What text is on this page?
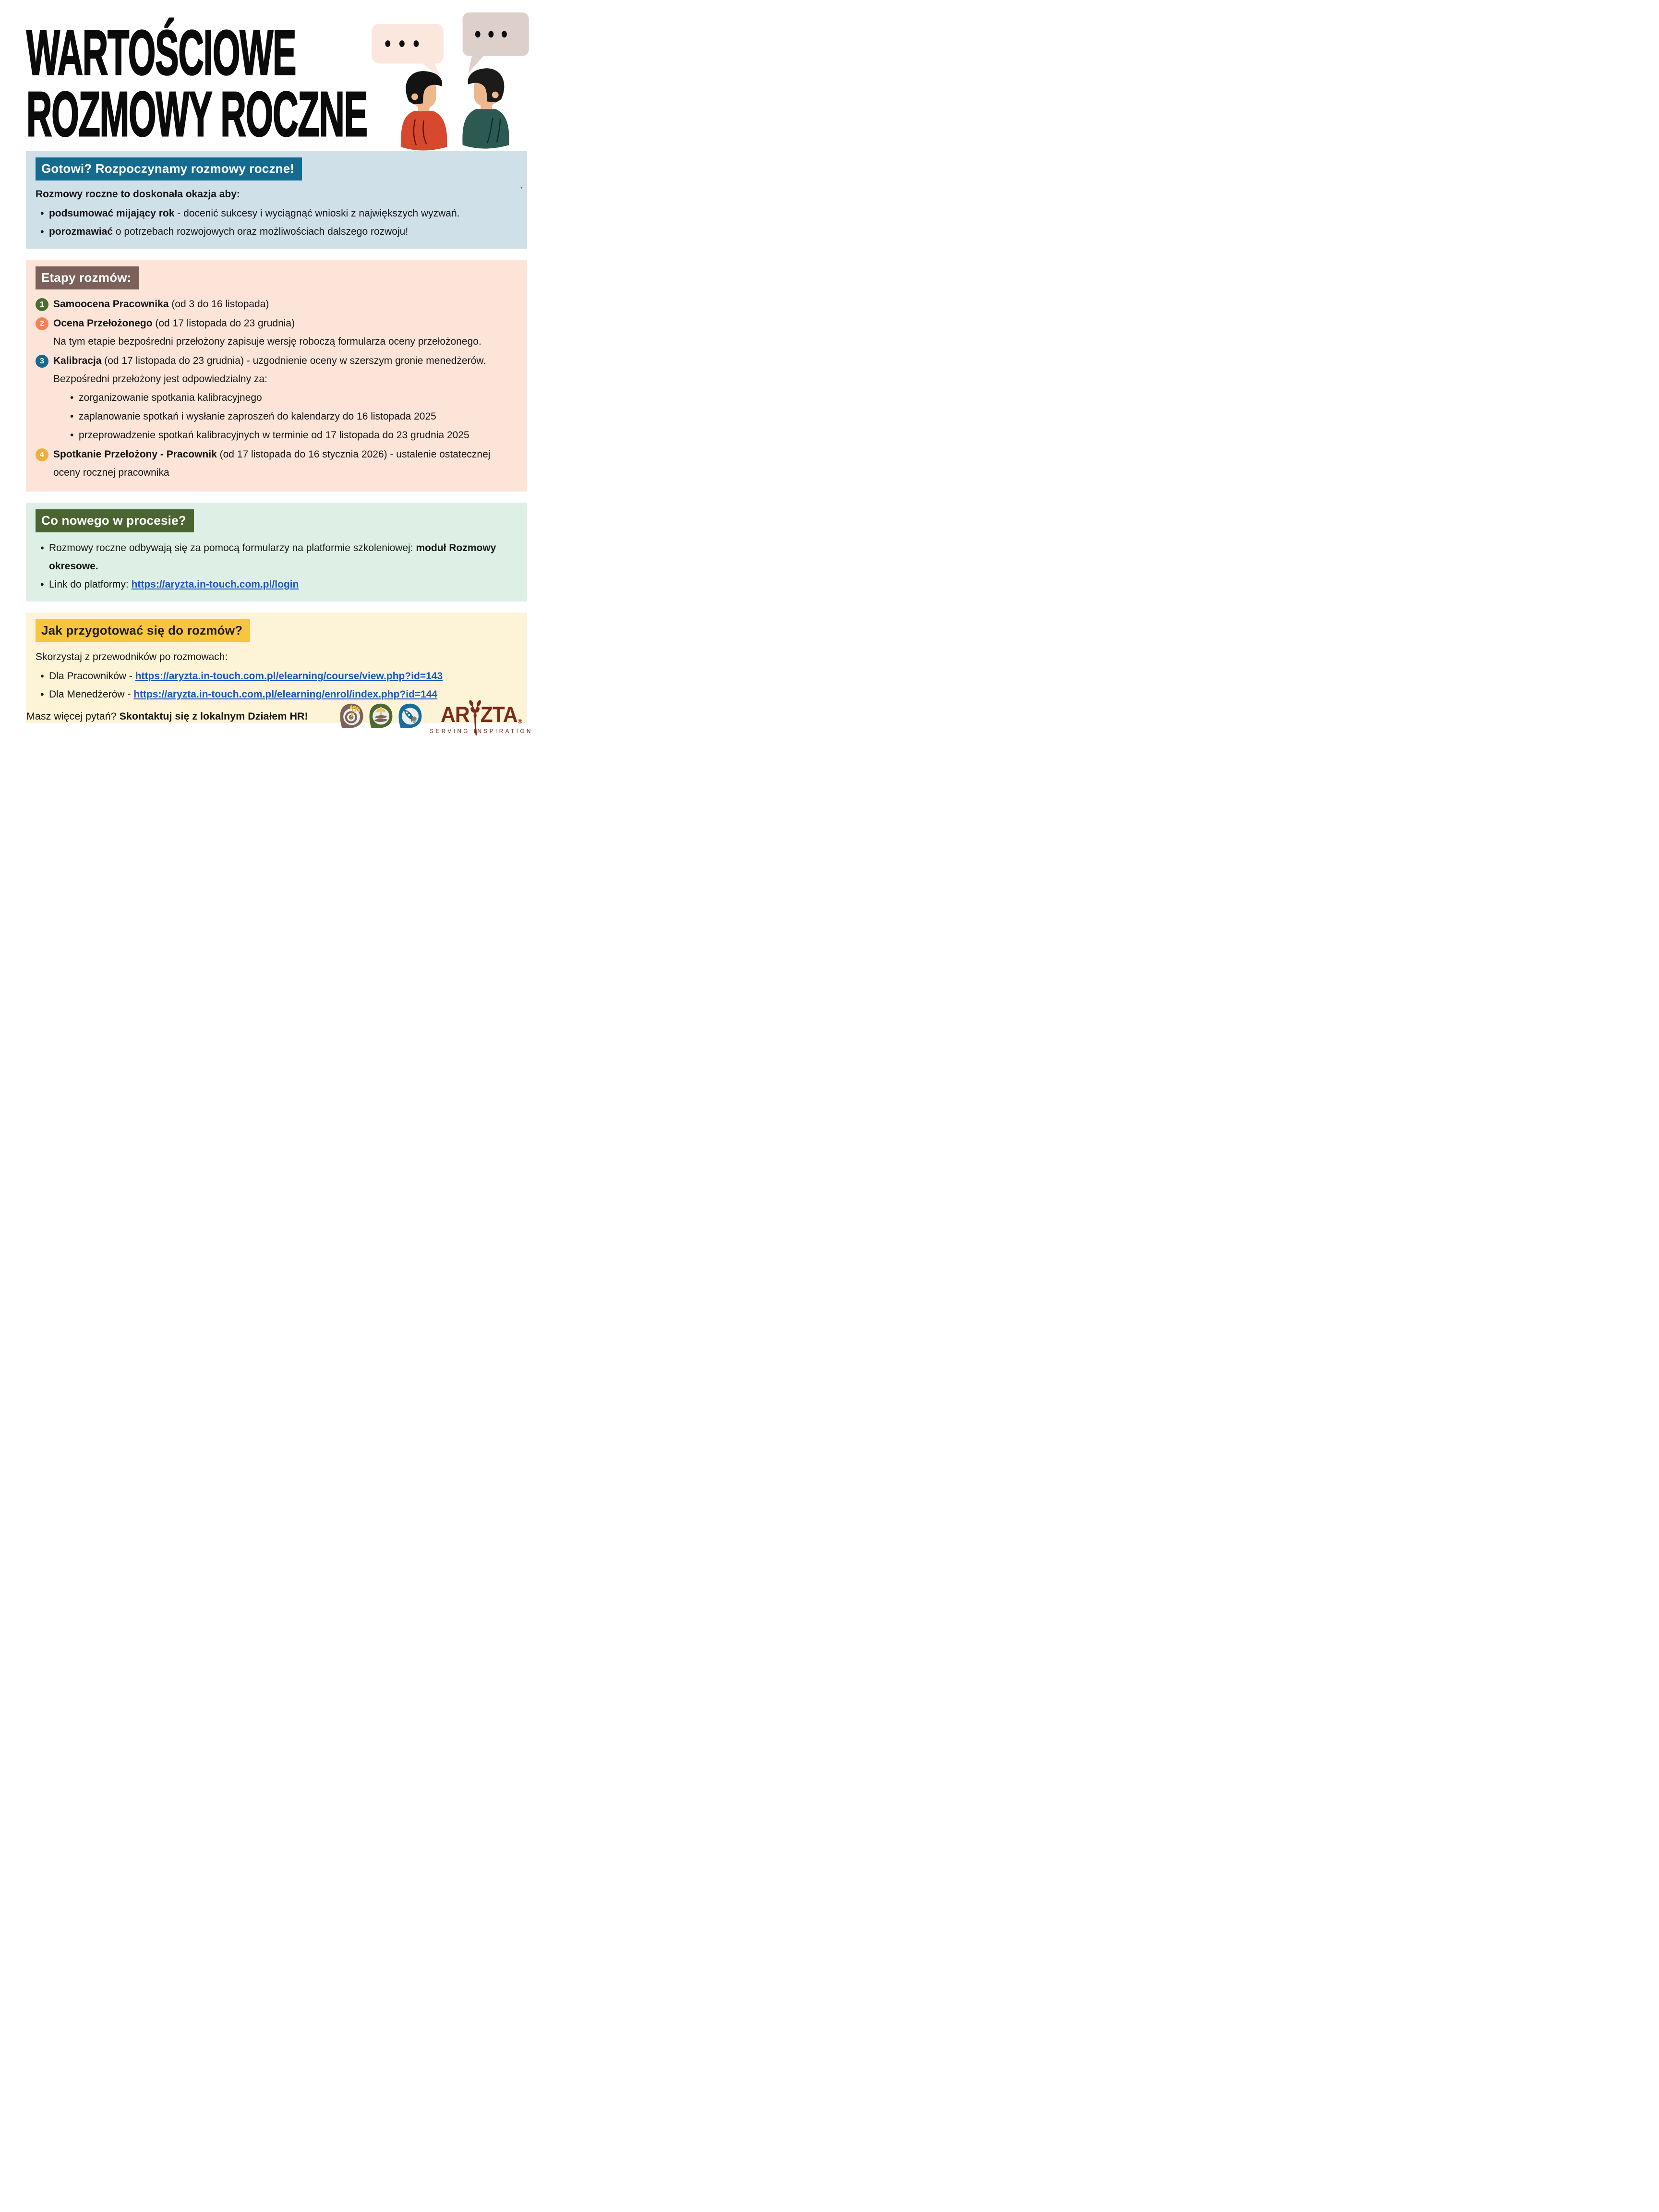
WARTOŚCIOWE
ROZMOWY ROCZNE
Gotowi? Rozpoczynamy rozmowy roczne!
’

Rozmowy roczne to doskonała okazja aby:

• podsumować mijający rok - docenić sukcesy i wyciągnąć wnioski z największych wyzwań.
• porozmawiać o potrzebach rozwojowych oraz możliwościach dalszego rozwoju!
Etapy rozmów:
1 Samoocena Pracownika (od 3 do 16 listopada)
2 Ocena Przełożonego (od 17 listopada do 23 grudnia)

Na tym etapie bezpośredni przełożony zapisuje wersję roboczą formularza oceny przełożonego.

3 Kalibracja (od 17 listopada do 23 grudnia) - uzgodnienie oceny w szerszym gronie menedżerów.

Bezpośredni przełożony jest odpowiedzialny za:

• zorganizowanie spotkania kalibracyjnego
• zaplanowanie spotkań i wysłanie zaproszeń do kalendarzy do 16 listopada 2025
• przeprowadzenie spotkań kalibracyjnych w terminie od 17 listopada do 23 grudnia 2025
4 Spotkanie Przełożony - Pracownik (od 17 listopada do 16 stycznia 2026) - ustalenie ostatecznej oceny rocznej pracownika
Co nowego w procesie?
• Rozmowy roczne odbywają się za pomocą formularzy na platformie szkoleniowej: moduł Rozmowy okresowe.
• Link do platformy: https://aryzta.in-touch.com.pl/login
Jak przygotować się do rozmów?

Skorzystaj z przewodników po rozmowach:

• Dla Pracowników - https://aryzta.in-touch.com.pl/elearning/course/view.php?id=143
• Dla Menedżerów - https://aryzta.in-touch.com.pl/elearning/enrol/index.php?id=144
Masz więcej pytań? Skontaktuj się z lokalnym Działem HR!	AR ZTA ®
SERVING INSPIRATION
